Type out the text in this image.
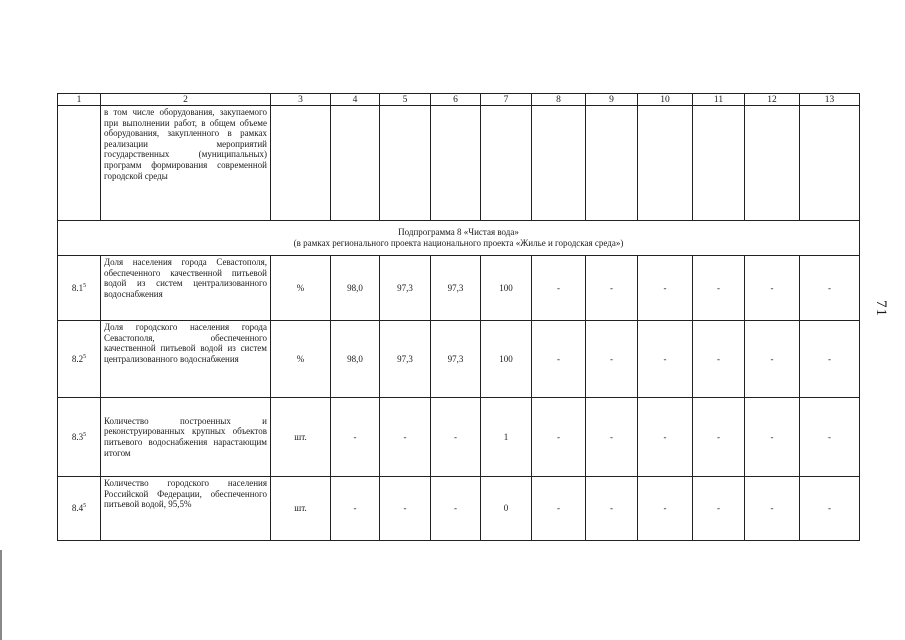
71
1	2	3	4	5	6	7	8	9	10	11	12	13
	в том числе оборудования, закупаемого при выполнении работ, в общем объеме оборудования, закупленного в рамках реализации мероприятий государственных (муниципальных) программ формирования современной городской среды											

Подпрограмма 8 «Чистая вода»
(в рамках регионального проекта национального проекта «Жилье и городская среда»)												

$8.1^5$	Доля населения города Севастополя, обеспеченного качественной питьевой водой из систем централизованного водоснабжения	%	98,0	97,3	97,3	100	-	-	-	-	-	-
$8.2^5$	Доля городского населения города Севастополя, обеспеченного качественной питьевой водой из систем централизованного водоснабжения	%	98,0	97,3	97,3	100	-	-	-	-	-	-
$8.3^5$	Количество построенных и реконструированных крупных объектов питьевого водоснабжения нарастающим итогом	шт.	-	-	-	1	-	-	-	-	-	-
$8.4^5$	Количество городского населения Российской Федерации, обеспеченного питьевой водой, 95,5%	шт.	-	-	-	0	-	-	-	-	-	-
